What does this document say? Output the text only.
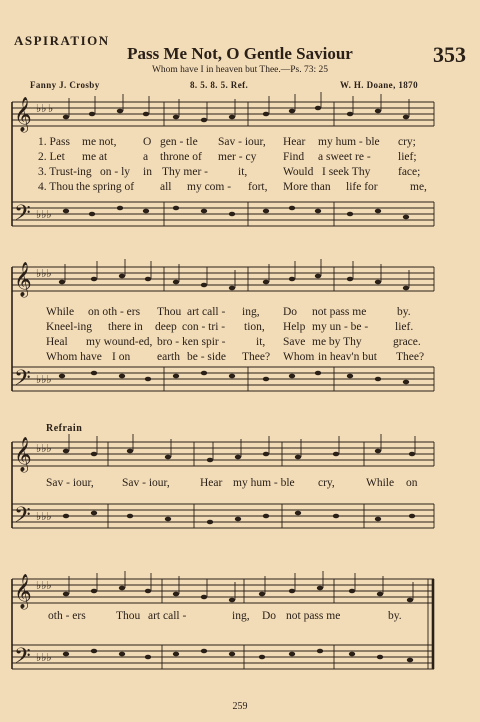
ASPIRATION
Pass Me Not, O Gentle Saviour	353
Whom have I in heaven but Thee.—Ps. 73: 25
Fanny J. Crosby	8. 5. 8. 5. Ref.	W. H. Doane, 1870
𝄞
𝄢
♭♭ ♭
♭♭♭
1. Pass me not, O gen - tle Sav - iour, Hear my hum - ble cry;
2. Let me at	a throne of mer - cy Find a sweet re - lief;
3. Trust-ing on - ly in Thy mer -	it,	Would I seek Thy face;
4. Thou the spring of all my com - fort, More than life for	me,
𝄞
𝄢
♭♭♭
♭♭♭
While on oth - ers Thou art call - ing, Do not pass me	by.
Kneel-ing there in deep con - tri - tion, Help my un - be - lief.
Heal my wound-ed, bro - ken spir -	it, Save me by Thy	grace.
Whom have I on earth be - side Thee? Whom in heav'n but Thee?
Refrain
𝄞
𝄢
♭♭♭
♭♭♭
Sav - iour, Sav - iour,	Hear my hum - ble cry,	While on
𝄞
𝄢
♭♭♭
♭♭♭
oth - ers	Thou art call -	ing, Do not pass me	by.
259
